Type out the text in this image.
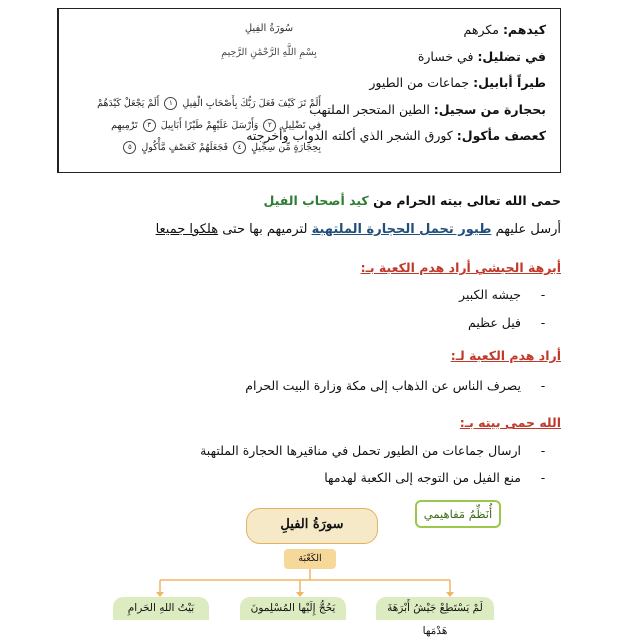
سُورَةُ الفِيلِ
بِسْمِ اللَّهِ الرَّحْمَٰنِ الرَّحِيمِ
أَلَمْ تَرَ كَيْفَ فَعَلَ رَبُّكَ بِأَصْحَابِ الْفِيلِ ١ أَلَمْ يَجْعَلْ كَيْدَهُمْ
فِي تَضْلِيلٍ ٢ وَأَرْسَلَ عَلَيْهِمْ طَيْرًا أَبَابِيلَ ٣ تَرْمِيهِم
بِحِجَارَةٍ مِّن سِجِّيلٍ ٤ فَجَعَلَهُمْ كَعَصْفٍ مَّأْكُولٍ ٥
كيدهم: مكرهم
في تضليل: في خسارة
طيراً أبابيل: جماعات من الطيور
بحجارة من سجيل: الطين المتحجر الملتهب
كعصف مأكول: كورق الشجر الذي أكلته الدواب وأخرجته
حمى الله تعالى بيته الحرام من كيد أصحاب الفيل
أرسل عليهم طيور تحمل الحجارة الملتهبة لترميهم بها حتى هلكوا جميعا
أبرهة الحبشي أراد هدم الكعبة بـ:
-جيشه الكبير
-فيل عظيم
أراد هدم الكعبة لـ:
-يصرف الناس عن الذهاب إلى مكة وزارة البيت الحرام
الله حمى بيته بـ:
-ارسال جماعات من الطيور تحمل في مناقيرها الحجارة الملتهبة
-منع الفيل من التوجه إلى الكعبة لهدمها
أُنَظِّمُ مَفاهيمي
سورَةُ الفيلِ
الكَعْبَة
لَمْ يَسْتَطِعْ جَيْشُ أَبْرَهَةَ هَدْمَها
يَحُجُّ إِلَيْها المُسْلِمونَ
بَيْتُ اللهِ الحَرامِ
